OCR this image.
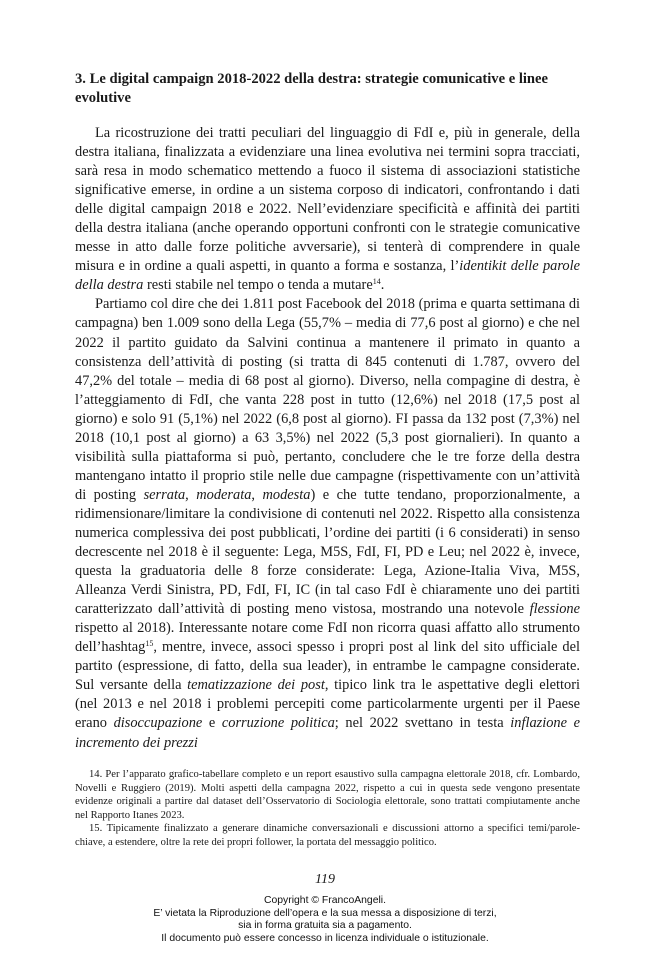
3. Le digital campaign 2018-2022 della destra: strategie comunicative e linee evolutive

La ricostruzione dei tratti peculiari del linguaggio di FdI e, più in generale, della destra italiana, finalizzata a evidenziare una linea evolutiva nei termini sopra tracciati, sarà resa in modo schematico mettendo a fuoco il sistema di associazioni statistiche significative emerse, in ordine a un sistema corposo di indicatori, confrontando i dati delle digital campaign 2018 e 2022. Nell’evidenziare specificità e affinità dei partiti della destra italiana (anche operando opportuni confronti con le strategie comunicative messe in atto dalle forze politiche avversarie), si tenterà di comprendere in quale misura e in ordine a quali aspetti, in quanto a forma e sostanza, l’identikit delle parole della destra resti stabile nel tempo o tenda a mutare$^{14}$.

Partiamo col dire che dei 1.811 post Facebook del 2018 (prima e quarta settimana di campagna) ben 1.009 sono della Lega (55,7% – media di 77,6 post al giorno) e che nel 2022 il partito guidato da Salvini continua a mantenere il primato in quanto a consistenza dell’attività di posting (si tratta di 845 contenuti di 1.787, ovvero del 47,2% del totale – media di 68 post al giorno). Diverso, nella compagine di destra, è l’atteggiamento di FdI, che vanta 228 post in tutto (12,6%) nel 2018 (17,5 post al giorno) e solo 91 (5,1%) nel 2022 (6,8 post al giorno). FI passa da 132 post (7,3%) nel 2018 (10,1 post al giorno) a 63 3,5%) nel 2022 (5,3 post giornalieri). In quanto a visibilità sulla piattaforma si può, pertanto, concludere che le tre forze della destra mantengano intatto il proprio stile nelle due campagne (rispettivamente con un’attività di posting serrata, moderata, modesta) e che tutte tendano, proporzionalmente, a ridimensionare/limitare la condivisione di contenuti nel 2022. Rispetto alla consistenza numerica complessiva dei post pubblicati, l’ordine dei partiti (i 6 considerati) in senso decrescente nel 2018 è il seguente: Lega, M5S, FdI, FI, PD e Leu; nel 2022 è, invece, questa la graduatoria delle 8 forze considerate: Lega, Azione-Italia Viva, M5S, Alleanza Verdi Sinistra, PD, FdI, FI, IC (in tal caso FdI è chiaramente uno dei partiti caratterizzato dall’attività di posting meno vistosa, mostrando una notevole flessione rispetto al 2018). Interessante notare come FdI non ricorra quasi affatto allo strumento dell’hashtag$^{15}$, mentre, invece, associ spesso i propri post al link del sito ufficiale del partito (espressione, di fatto, della sua leader), in entrambe le campagne considerate. Sul versante della tematizzazione dei post, tipico link tra le aspettative degli elettori (nel 2013 e nel 2018 i problemi percepiti come particolarmente urgenti per il Paese erano disoccupazione e corruzione politica; nel 2022 svettano in testa inflazione e incremento dei prezzi

14. Per l’apparato grafico-tabellare completo e un report esaustivo sulla campagna elettorale 2018, cfr. Lombardo, Novelli e Ruggiero (2019). Molti aspetti della campagna 2022, rispetto a cui in questa sede vengono presentate evidenze originali a partire dal dataset dell’Osservatorio di Sociologia elettorale, sono trattati compiutamente anche nel Rapporto Itanes 2023.

15. Tipicamente finalizzato a generare dinamiche conversazionali e discussioni attorno a specifici temi/parole-chiave, a estendere, oltre la rete dei propri follower, la portata del messaggio politico.

119
Copyright © FrancoAngeli.
E’ vietata la Riproduzione dell’opera e la sua messa a disposizione di terzi,
sia in forma gratuita sia a pagamento.
Il documento può essere concesso in licenza individuale o istituzionale.
